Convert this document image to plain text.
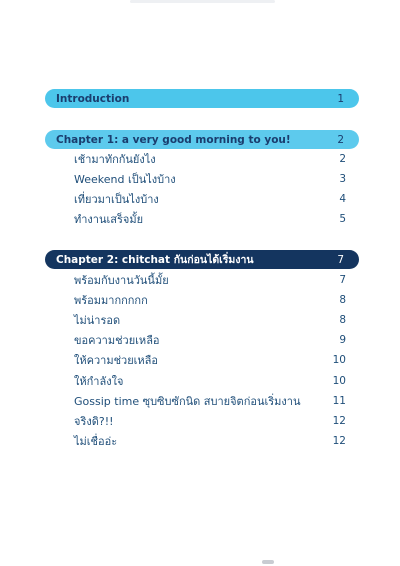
Introduction	1
Chapter 1: a very good morning to you!	2
เช้ามาทักกันยังไง	2
Weekend เป็นไงบ้าง	3
เที่ยวมาเป็นไงบ้าง	4
ทำงานเสร็จมั้ย	5
Chapter 2: chitchat กันก่อนได้เริ่มงาน	7
พร้อมกับงานวันนี้มั้ย	7
พร้อมมากกกกก	8
ไม่น่ารอด	8
ขอความช่วยเหลือ	9
ให้ความช่วยเหลือ	10
ให้กำลังใจ	10
Gossip time ซุบซิบซักนิด สบายจิตก่อนเริ่มงาน	11
จริงดิ?!!	12
ไม่เชื่ออ่ะ	12
